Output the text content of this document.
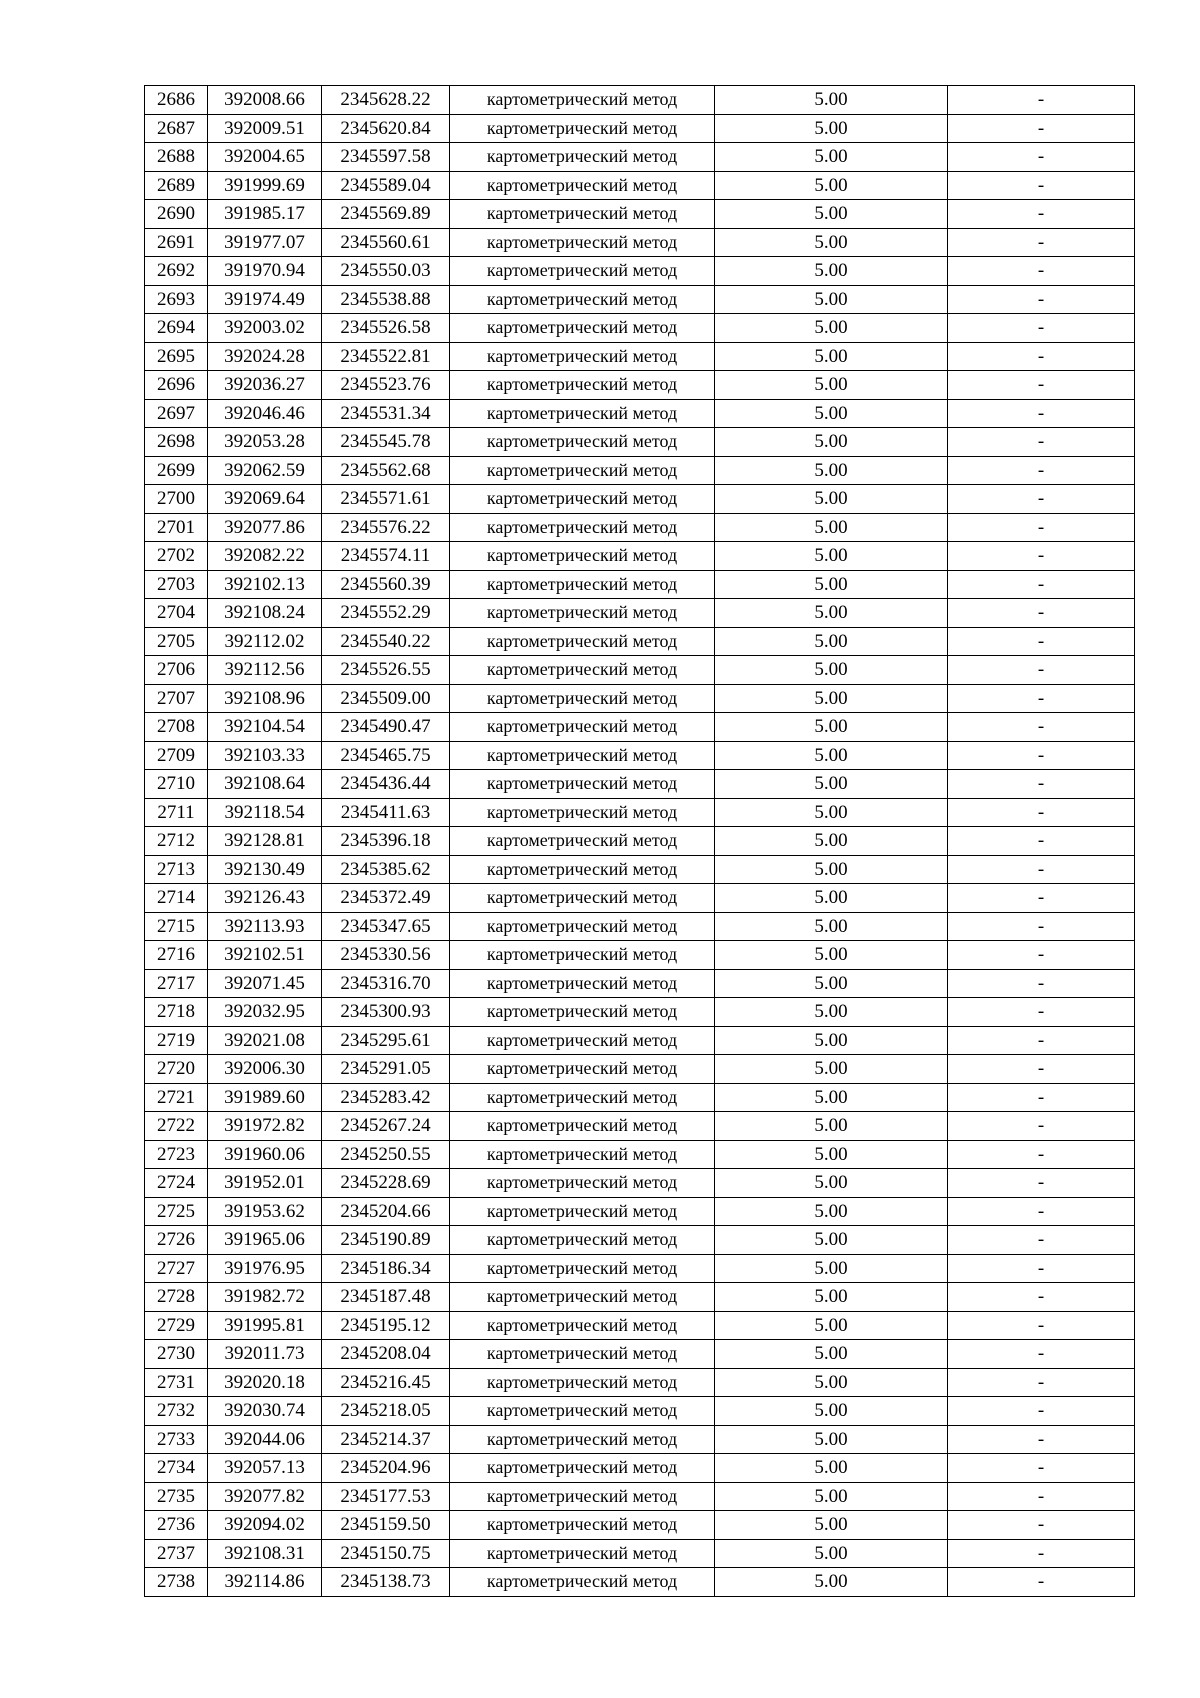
2686	392008.66	2345628.22	картометрический метод	5.00	-
2687	392009.51	2345620.84	картометрический метод	5.00	-
2688	392004.65	2345597.58	картометрический метод	5.00	-
2689	391999.69	2345589.04	картометрический метод	5.00	-
2690	391985.17	2345569.89	картометрический метод	5.00	-
2691	391977.07	2345560.61	картометрический метод	5.00	-
2692	391970.94	2345550.03	картометрический метод	5.00	-
2693	391974.49	2345538.88	картометрический метод	5.00	-
2694	392003.02	2345526.58	картометрический метод	5.00	-
2695	392024.28	2345522.81	картометрический метод	5.00	-
2696	392036.27	2345523.76	картометрический метод	5.00	-
2697	392046.46	2345531.34	картометрический метод	5.00	-
2698	392053.28	2345545.78	картометрический метод	5.00	-
2699	392062.59	2345562.68	картометрический метод	5.00	-
2700	392069.64	2345571.61	картометрический метод	5.00	-
2701	392077.86	2345576.22	картометрический метод	5.00	-
2702	392082.22	2345574.11	картометрический метод	5.00	-
2703	392102.13	2345560.39	картометрический метод	5.00	-
2704	392108.24	2345552.29	картометрический метод	5.00	-
2705	392112.02	2345540.22	картометрический метод	5.00	-
2706	392112.56	2345526.55	картометрический метод	5.00	-
2707	392108.96	2345509.00	картометрический метод	5.00	-
2708	392104.54	2345490.47	картометрический метод	5.00	-
2709	392103.33	2345465.75	картометрический метод	5.00	-
2710	392108.64	2345436.44	картометрический метод	5.00	-
2711	392118.54	2345411.63	картометрический метод	5.00	-
2712	392128.81	2345396.18	картометрический метод	5.00	-
2713	392130.49	2345385.62	картометрический метод	5.00	-
2714	392126.43	2345372.49	картометрический метод	5.00	-
2715	392113.93	2345347.65	картометрический метод	5.00	-
2716	392102.51	2345330.56	картометрический метод	5.00	-
2717	392071.45	2345316.70	картометрический метод	5.00	-
2718	392032.95	2345300.93	картометрический метод	5.00	-
2719	392021.08	2345295.61	картометрический метод	5.00	-
2720	392006.30	2345291.05	картометрический метод	5.00	-
2721	391989.60	2345283.42	картометрический метод	5.00	-
2722	391972.82	2345267.24	картометрический метод	5.00	-
2723	391960.06	2345250.55	картометрический метод	5.00	-
2724	391952.01	2345228.69	картометрический метод	5.00	-
2725	391953.62	2345204.66	картометрический метод	5.00	-
2726	391965.06	2345190.89	картометрический метод	5.00	-
2727	391976.95	2345186.34	картометрический метод	5.00	-
2728	391982.72	2345187.48	картометрический метод	5.00	-
2729	391995.81	2345195.12	картометрический метод	5.00	-
2730	392011.73	2345208.04	картометрический метод	5.00	-
2731	392020.18	2345216.45	картометрический метод	5.00	-
2732	392030.74	2345218.05	картометрический метод	5.00	-
2733	392044.06	2345214.37	картометрический метод	5.00	-
2734	392057.13	2345204.96	картометрический метод	5.00	-
2735	392077.82	2345177.53	картометрический метод	5.00	-
2736	392094.02	2345159.50	картометрический метод	5.00	-
2737	392108.31	2345150.75	картометрический метод	5.00	-
2738	392114.86	2345138.73	картометрический метод	5.00	-
